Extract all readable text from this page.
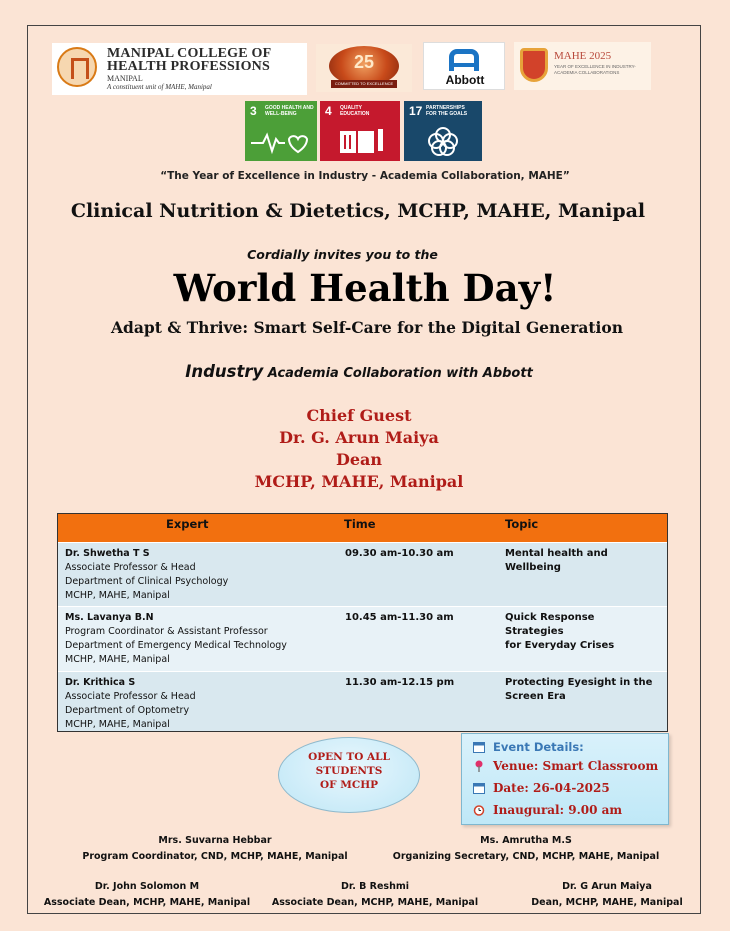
MANIPAL COLLEGE OF HEALTH PROFESSIONS
MANIPAL
A constituent unit of MAHE, Manipal
25
COMMITTED TO EXCELLENCE	Abbott
MAHE 2025
YEAR OF EXCELLENCE IN INDUSTRY-ACADEMIA COLLABORATIONS
3 GOOD HEALTH AND WELL-BEING	4 QUALITY EDUCATION	17 PARTNERSHIPS FOR THE GOALS
“The Year of Excellence in Industry - Academia Collaboration, MAHE”
Clinical Nutrition & Dietetics, MCHP, MAHE, Manipal
Cordially invites you to the
World Health Day!
Adapt & Thrive: Smart Self-Care for the Digital Generation
Industry Academia Collaboration with Abbott
Chief Guest
Dr. G. Arun Maiya
Dean
MCHP, MAHE, Manipal
Expert	Time	Topic
Dr. Shwetha T S
Associate Professor & Head
Department of Clinical Psychology
MCHP, MAHE, Manipal
09.30 am-10.30 am	Mental health and
Wellbeing
Ms. Lavanya B.N
Program Coordinator & Assistant Professor
Department of Emergency Medical Technology
MCHP, MAHE, Manipal
10.45 am-11.30 am	Quick Response Strategies
for Everyday Crises
Dr. Krithica S
Associate Professor & Head
Department of Optometry
MCHP, MAHE, Manipal
11.30 am-12.15 pm	Protecting Eyesight in the
Screen Era
OPEN TO ALL
STUDENTS
OF MCHP
Event Details:
Venue: Smart Classroom
Date: 26-04-2025
Inaugural: 9.00 am
Mrs. Suvarna Hebbar
Program Coordinator, CND, MCHP, MAHE, Manipal
Ms. Amrutha M.S
Organizing Secretary, CND, MCHP, MAHE, Manipal
Dr. John Solomon M
Associate Dean, MCHP, MAHE, Manipal
Dr. B Reshmi
Associate Dean, MCHP, MAHE, Manipal
Dr. G Arun Maiya
Dean, MCHP, MAHE, Manipal
